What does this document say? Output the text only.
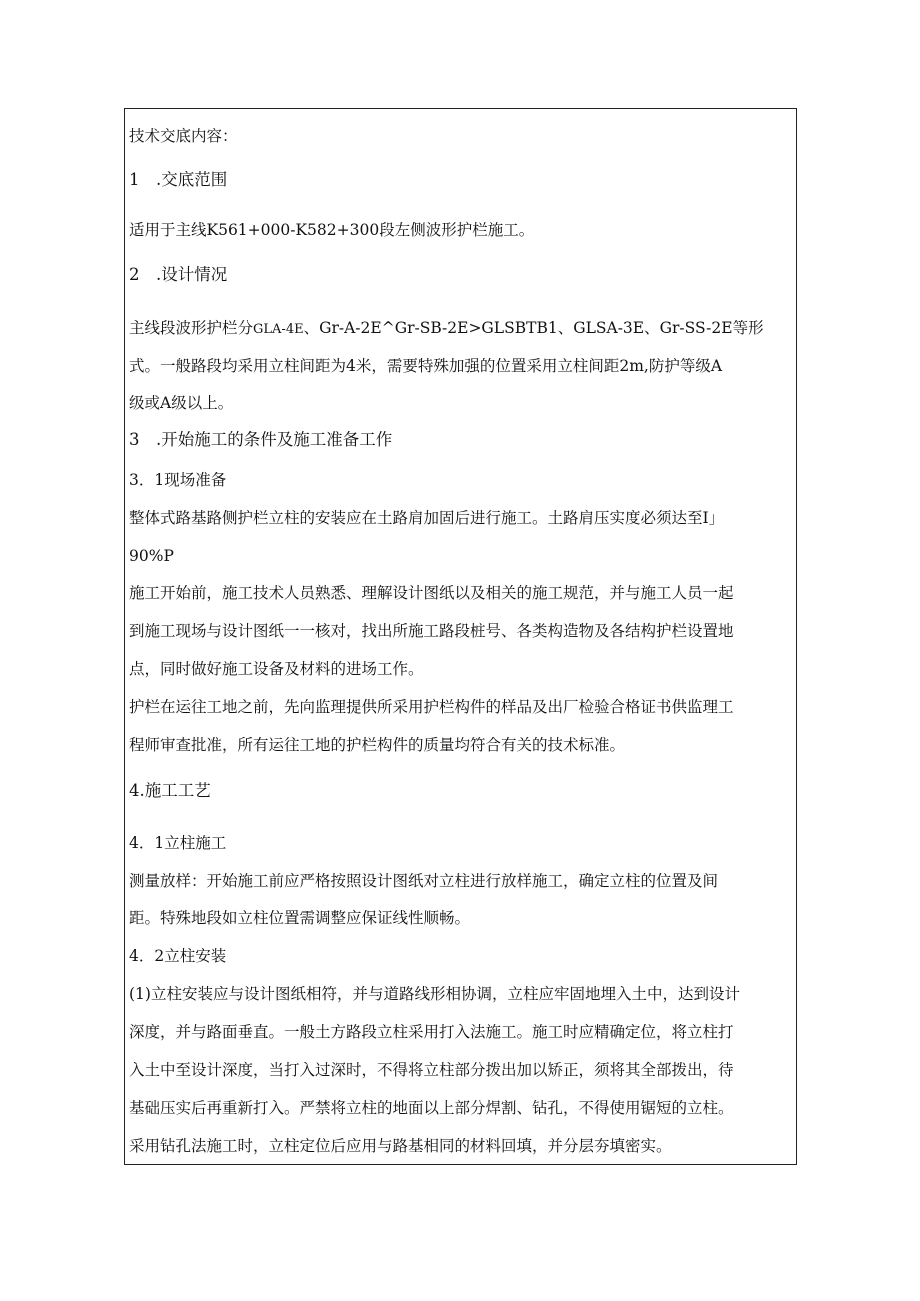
技术交底内容：
1　.交底范围
适用于主线K561+000-K582+300段左侧波形护栏施工。
2　.设计情况
主线段波形护栏分GLA-4E、Gr-A-2E^Gr-SB-2E>GLSBTB1、GLSA-3E、Gr-SS-2E等形
式。一般路段均采用立柱间距为4米，需要特殊加强的位置采用立柱间距2m,防护等级A
级或A级以上。
3　.开始施工的条件及施工准备工作
3．1现场准备
整体式路基路侧护栏立柱的安装应在土路肩加固后进行施工。土路肩压实度必须达至I」
90%P
施工开始前，施工技术人员熟悉、理解设计图纸以及相关的施工规范，并与施工人员一起
到施工现场与设计图纸一一核对，找出所施工路段桩号、各类构造物及各结构护栏设置地
点，同时做好施工设备及材料的进场工作。
护栏在运往工地之前，先向监理提供所采用护栏构件的样品及出厂检验合格证书供监理工
程师审查批准，所有运往工地的护栏构件的质量均符合有关的技术标准。
4.施工工艺
4．1立柱施工
测量放样：开始施工前应严格按照设计图纸对立柱进行放样施工，确定立柱的位置及间
距。特殊地段如立柱位置需调整应保证线性顺畅。
4．2立柱安装
(1)立柱安装应与设计图纸相符，并与道路线形相协调，立柱应牢固地埋入土中，达到设计
深度，并与路面垂直。一般土方路段立柱采用打入法施工。施工时应精确定位，将立柱打
入土中至设计深度，当打入过深时，不得将立柱部分拨出加以矫正，须将其全部拨出，待
基础压实后再重新打入。严禁将立柱的地面以上部分焊割、钻孔，不得使用锯短的立柱。
采用钻孔法施工时，立柱定位后应用与路基相同的材料回填，并分层夯填密实。
